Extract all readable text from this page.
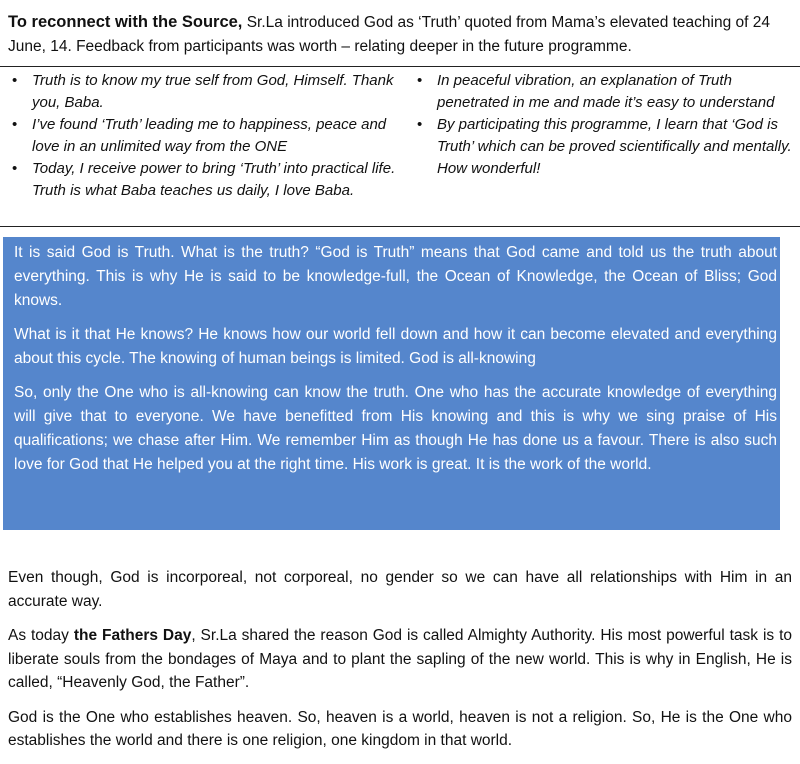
To reconnect with the Source, Sr.La introduced God as ‘Truth’ quoted from Mama’s elevated teaching of 24 June, 14. Feedback from participants was worth – relating deeper in the future programme.
• Truth is to know my true self from God, Himself. Thank you, Baba.
• I’ve found ‘Truth’ leading me to happiness, peace and love in an unlimited way from the ONE
• Today, I receive power to bring ‘Truth’ into practical life. Truth is what Baba teaches us daily, I love Baba.
• In peaceful vibration, an explanation of Truth penetrated in me and made it’s easy to understand
• By participating this programme, I learn that ‘God is Truth’ which can be proved scientifically and mentally. How wonderful!

It is said God is Truth. What is the truth? “God is Truth” means that God came and told us the truth about everything. This is why He is said to be knowledge-full, the Ocean of Knowledge, the Ocean of Bliss; God knows.

What is it that He knows? He knows how our world fell down and how it can become elevated and everything about this cycle. The knowing of human beings is limited. God is all-knowing

So, only the One who is all-knowing can know the truth. One who has the accurate knowledge of everything will give that to everyone. We have benefitted from His knowing and this is why we sing praise of His qualifications; we chase after Him. We remember Him as though He has done us a favour. There is also such love for God that He helped you at the right time. His work is great. It is the work of the world.

Even though, God is incorporeal, not corporeal, no gender so we can have all relationships with Him in an accurate way.

As today the Fathers Day, Sr.La shared the reason God is called Almighty Authority. His most powerful task is to liberate souls from the bondages of Maya and to plant the sapling of the new world. This is why in English, He is called, “Heavenly God, the Father”.

God is the One who establishes heaven. So, heaven is a world, heaven is not a religion. So, He is the One who establishes the world and there is one religion, one kingdom in that world.
